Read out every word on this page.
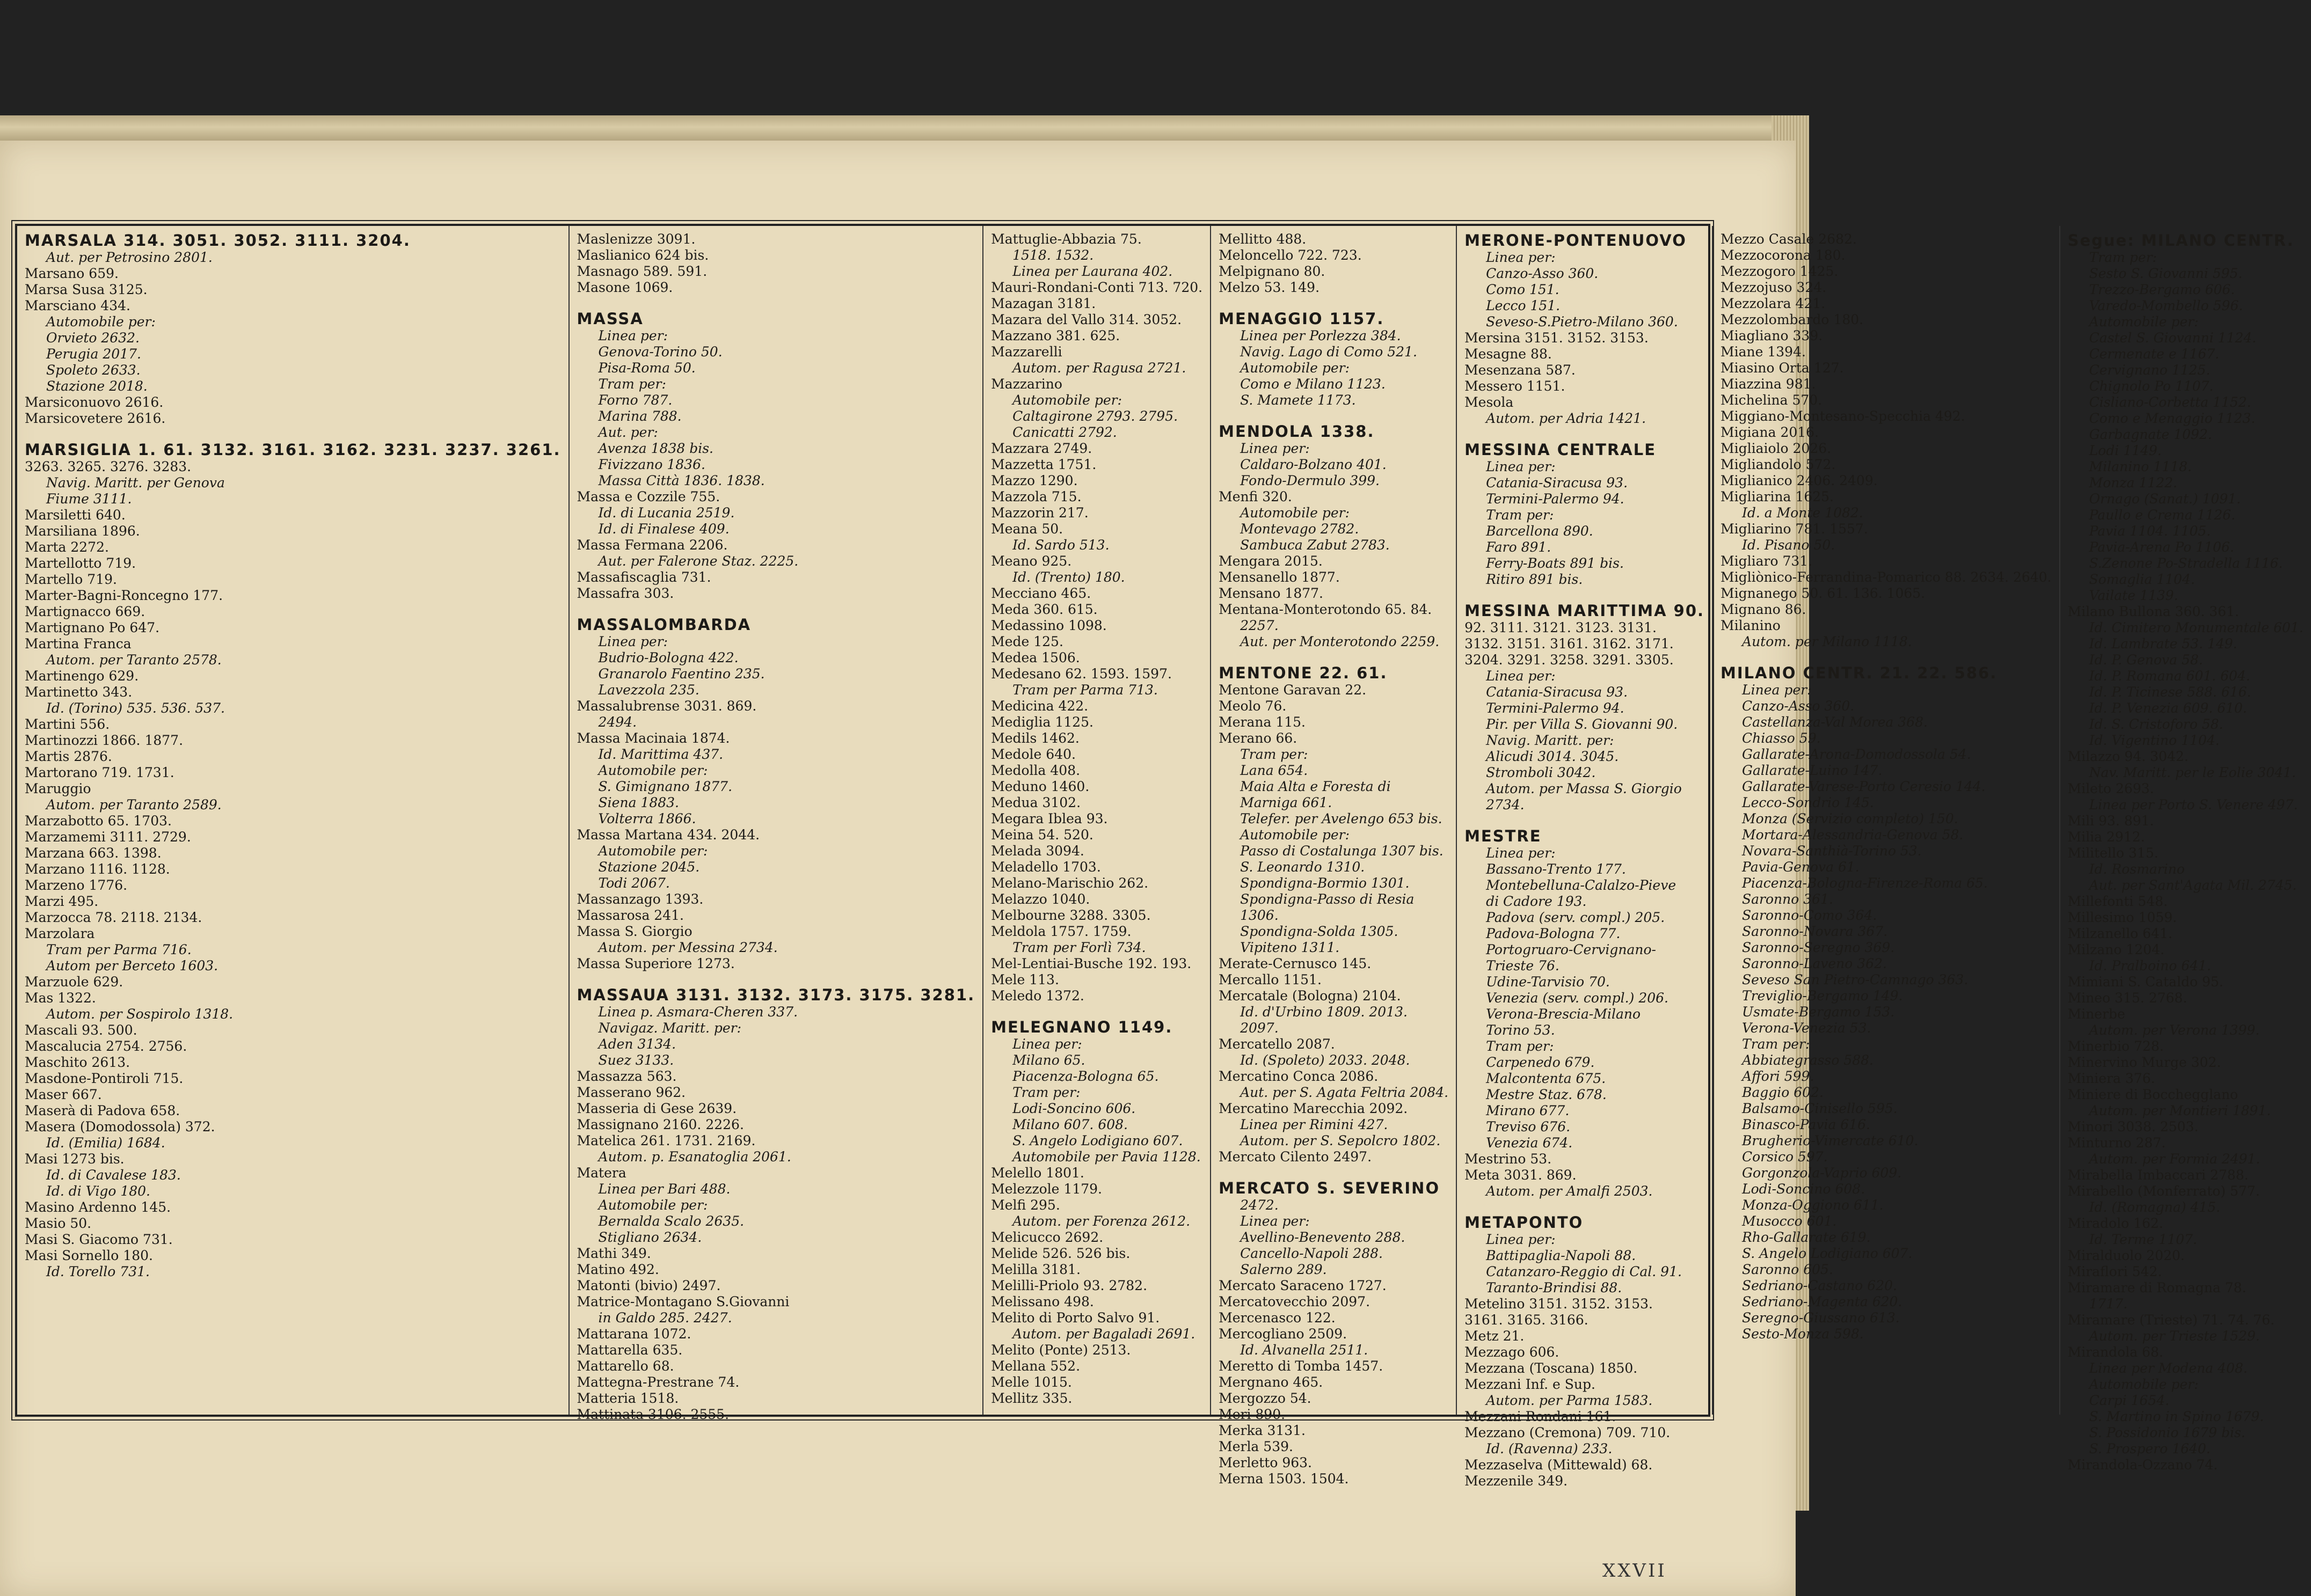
MARSALA 314. 3051. 3052. 3111. 3204.
Aut. per Petrosino 2801.
Marsano 659.
Marsa Susa 3125.
Marsciano 434.
Automobile per:
Orvieto 2632.
Perugia 2017.
Spoleto 2633.
Stazione 2018.
Marsiconuovo 2616.
Marsicovetere 2616.
MARSIGLIA 1. 61. 3132. 3161. 3162. 3231. 3237. 3261.
3263. 3265. 3276. 3283.
Navig. Maritt. per Genova
Fiume 3111.
Marsiletti 640.
Marsiliana 1896.
Marta 2272.
Martellotto 719.
Martello 719.
Marter-Bagni-Roncegno 177.
Martignacco 669.
Martignano Po 647.
Martina Franca
Autom. per Taranto 2578.
Martinengo 629.
Martinetto 343.
Id. (Torino) 535. 536. 537.
Martini 556.
Martinozzi 1866. 1877.
Martis 2876.
Martorano 719. 1731.
Maruggio
Autom. per Taranto 2589.
Marzabotto 65. 1703.
Marzamemi 3111. 2729.
Marzana 663. 1398.
Marzano 1116. 1128.
Marzeno 1776.
Marzi 495.
Marzocca 78. 2118. 2134.
Marzolara
Tram per Parma 716.
Autom per Berceto 1603.
Marzuole 629.
Mas 1322.
Autom. per Sospirolo 1318.
Mascali 93. 500.
Mascalucia 2754. 2756.
Maschito 2613.
Masdone-Pontiroli 715.
Maser 667.
Maserà di Padova 658.
Masera (Domodossola) 372.
Id. (Emilia) 1684.
Masi 1273 bis.
Id. di Cavalese 183.
Id. di Vigo 180.
Masino Ardenno 145.
Masio 50.
Masi S. Giacomo 731.
Masi Sornello 180.
Id. Torello 731.
Maslenizze 3091.
Maslianico 624 bis.
Masnago 589. 591.
Masone 1069.
MASSA
Linea per:
Genova-Torino 50.
Pisa-Roma 50.
Tram per:
Forno 787.
Marina 788.
Aut. per:
Avenza 1838 bis.
Fivizzano 1836.
Massa Città 1836. 1838.
Massa e Cozzile 755.
Id. di Lucania 2519.
Id. di Finalese 409.
Massa Fermana 2206.
Aut. per Falerone Staz. 2225.
Massafiscaglia 731.
Massafra 303.
MASSALOMBARDA
Linea per:
Budrio-Bologna 422.
Granarolo Faentino 235.
Lavezzola 235.
Massalubrense 3031. 869.
2494.
Massa Macinaia 1874.
Id. Marittima 437.
Automobile per:
S. Gimignano 1877.
Siena 1883.
Volterra 1866.
Massa Martana 434. 2044.
Automobile per:
Stazione 2045.
Todi 2067.
Massanzago 1393.
Massarosa 241.
Massa S. Giorgio
Autom. per Messina 2734.
Massa Superiore 1273.
MASSAUA 3131. 3132. 3173. 3175. 3281.
Linea p. Asmara-Cheren 337.
Navigaz. Maritt. per:
Aden 3134.
Suez 3133.
Massazza 563.
Masserano 962.
Masseria di Gese 2639.
Massignano 2160. 2226.
Matelica 261. 1731. 2169.
Autom. p. Esanatoglia 2061.
Matera
Linea per Bari 488.
Automobile per:
Bernalda Scalo 2635.
Stigliano 2634.
Mathi 349.
Matino 492.
Matonti (bivio) 2497.
Matrice-Montagano S.Giovanni
in Galdo 285. 2427.
Mattarana 1072.
Mattarella 635.
Mattarello 68.
Mattegna-Prestrane 74.
Matteria 1518.
Mattinata 3106. 2555.
Mattuglie-Abbazia 75.
1518. 1532.
Linea per Laurana 402.
Mauri-Rondani-Conti 713. 720.
Mazagan 3181.
Mazara del Vallo 314. 3052.
Mazzano 381. 625.
Mazzarelli
Autom. per Ragusa 2721.
Mazzarino
Automobile per:
Caltagirone 2793. 2795.
Canicatti 2792.
Mazzara 2749.
Mazzetta 1751.
Mazzo 1290.
Mazzola 715.
Mazzorin 217.
Meana 50.
Id. Sardo 513.
Meano 925.
Id. (Trento) 180.
Mecciano 465.
Meda 360. 615.
Medassino 1098.
Mede 125.
Medea 1506.
Medesano 62. 1593. 1597.
Tram per Parma 713.
Medicina 422.
Mediglia 1125.
Medils 1462.
Medole 640.
Medolla 408.
Meduno 1460.
Medua 3102.
Megara Iblea 93.
Meina 54. 520.
Melada 3094.
Meladello 1703.
Melano-Marischio 262.
Melazzo 1040.
Melbourne 3288. 3305.
Meldola 1757. 1759.
Tram per Forlì 734.
Mel-Lentiai-Busche 192. 193.
Mele 113.
Meledo 1372.
MELEGNANO 1149.
Linea per:
Milano 65.
Piacenza-Bologna 65.
Tram per:
Lodi-Soncino 606.
Milano 607. 608.
S. Angelo Lodigiano 607.
Automobile per Pavia 1128.
Melello 1801.
Melezzole 1179.
Melfi 295.
Autom. per Forenza 2612.
Melicucco 2692.
Melide 526. 526 bis.
Melilla 3181.
Melilli-Priolo 93. 2782.
Melissano 498.
Melito di Porto Salvo 91.
Autom. per Bagaladi 2691.
Melito (Ponte) 2513.
Mellana 552.
Melle 1015.
Mellitz 335.
Mellitto 488.
Meloncello 722. 723.
Melpignano 80.
Melzo 53. 149.
MENAGGIO 1157.
Linea per Porlezza 384.
Navig. Lago di Como 521.
Automobile per:
Como e Milano 1123.
S. Mamete 1173.
MENDOLA 1338.
Linea per:
Caldaro-Bolzano 401.
Fondo-Dermulo 399.
Menfi 320.
Automobile per:
Montevago 2782.
Sambuca Zabut 2783.
Mengara 2015.
Mensanello 1877.
Mensano 1877.
Mentana-Monterotondo 65. 84.
2257.
Aut. per Monterotondo 2259.
MENTONE 22. 61.
Mentone Garavan 22.
Meolo 76.
Merana 115.
Merano 66.
Tram per:
Lana 654.
Maia Alta e Foresta di
Marniga 661.
Telefer. per Avelengo 653 bis.
Automobile per:
Passo di Costalunga 1307 bis.
S. Leonardo 1310.
Spondigna-Bormio 1301.
Spondigna-Passo di Resia
1306.
Spondigna-Solda 1305.
Vipiteno 1311.
Merate-Cernusco 145.
Mercallo 1151.
Mercatale (Bologna) 2104.
Id. d'Urbino 1809. 2013.
2097.
Mercatello 2087.
Id. (Spoleto) 2033. 2048.
Mercatino Conca 2086.
Aut. per S. Agata Feltria 2084.
Mercatino Marecchia 2092.
Linea per Rimini 427.
Autom. per S. Sepolcro 1802.
Mercato Cilento 2497.
MERCATO S. SEVERINO
2472.
Linea per:
Avellino-Benevento 288.
Cancello-Napoli 288.
Salerno 289.
Mercato Saraceno 1727.
Mercatovecchio 2097.
Mercenasco 122.
Mercogliano 2509.
Id. Alvanella 2511.
Meretto di Tomba 1457.
Mergnano 465.
Mergozzo 54.
Meri 890.
Merka 3131.
Merla 539.
Merletto 963.
Merna 1503. 1504.
MERONE-PONTENUOVO
Linea per:
Canzo-Asso 360.
Como 151.
Lecco 151.
Seveso-S.Pietro-Milano 360.
Mersina 3151. 3152. 3153.
Mesagne 88.
Mesenzana 587.
Messero 1151.
Mesola
Autom. per Adria 1421.
MESSINA CENTRALE
Linea per:
Catania-Siracusa 93.
Termini-Palermo 94.
Tram per:
Barcellona 890.
Faro 891.
Ferry-Boats 891 bis.
Ritiro 891 bis.
MESSINA MARITTIMA 90.
92. 3111. 3121. 3123. 3131.
3132. 3151. 3161. 3162. 3171.
3204. 3291. 3258. 3291. 3305.
Linea per:
Catania-Siracusa 93.
Termini-Palermo 94.
Pir. per Villa S. Giovanni 90.
Navig. Maritt. per:
Alicudi 3014. 3045.
Stromboli 3042.
Autom. per Massa S. Giorgio
2734.
MESTRE
Linea per:
Bassano-Trento 177.
Montebelluna-Calalzo-Pieve
di Cadore 193.
Padova (serv. compl.) 205.
Padova-Bologna 77.
Portogruaro-Cervignano-
Trieste 76.
Udine-Tarvisio 70.
Venezia (serv. compl.) 206.
Verona-Brescia-Milano
Torino 53.
Tram per:
Carpenedo 679.
Malcontenta 675.
Mestre Staz. 678.
Mirano 677.
Treviso 676.
Venezia 674.
Mestrino 53.
Meta 3031. 869.
Autom. per Amalfi 2503.
METAPONTO
Linea per:
Battipaglia-Napoli 88.
Catanzaro-Reggio di Cal. 91.
Taranto-Brindisi 88.
Metelino 3151. 3152. 3153.
3161. 3165. 3166.
Metz 21.
Mezzago 606.
Mezzana (Toscana) 1850.
Mezzani Inf. e Sup.
Autom. per Parma 1583.
Mezzani Rondani 161.
Mezzano (Cremona) 709. 710.
Id. (Ravenna) 233.
Mezzaselva (Mittewald) 68.
Mezzenile 349.
Mezzo Casale 2682.
Mezzocorona 180.
Mezzogoro 1425.
Mezzojuso 324.
Mezzolara 421.
Mezzolombardo 180.
Miagliano 339.
Miane 1394.
Miasino Orta 127.
Miazzina 981.
Michelina 570.
Miggiano-Montesano-Specchia 492.
Migiana 2016.
Migliaiolo 2026.
Migliandolo 572.
Miglianico 2406. 2409.
Migliarina 1625.
Id. a Monte 1082.
Migliarino 781. 1557.
Id. Pisano 50.
Migliaro 731.
Migliònico-Ferrandina-Pomarico 88. 2634. 2640.
Mignanego 50. 61. 136. 1065.
Mignano 86.
Milanino
Autom. per Milano 1118.
MILANO CENTR. 21. 22. 586.
Linea per:
Canzo-Asso 360.
Castellanza-Val Morea 368.
Chiasso 59.
Gallarate-Arona-Domodossola 54.
Gallarate-Luino 147.
Gallarate-Varese-Porto Ceresio 144.
Lecco-Sondrio 145.
Monza (Servizio completo) 150.
Mortara-Alessandria-Genova 58.
Novara-Santhià-Torino 53.
Pavia-Genova 61.
Piacenza-Bologna-Firenze-Roma 65.
Saronno 361.
Saronno-Como 364.
Saronno-Novara 367.
Saronno-Seregno 369.
Saronno-Laveno 362.
Seveso San Pietro-Camnago 363.
Treviglio-Bergamo 149.
Usmate-Bergamo 153.
Verona-Venezia 53.
Tram per:
Abbiategrasso 588.
Affori 599.
Baggio 602.
Balsamo-Cinisello 595.
Binasco-Pavia 616.
Brugherio-Vimercate 610.
Corsico 597.
Gorgonzola-Vaprio 609.
Lodi-Soncino 608.
Monza-Oggiono 611.
Musocco 601.
Rho-Gallarate 619.
S. Angelo Lodigiano 607.
Saronno 605.
Sedriano-Castano 620.
Sedriano-Magenta 620.
Seregno-Giussano 613.
Sesto-Monza 598.
Segue: MILANO CENTR.
Tram per:
Sesto S. Giovanni 595.
Trezzo-Bergamo 606.
Varedo-Mombello 596.
Automobile per:
Castel S. Giovanni 1124.
Cermenate e 1167.
Cervignano 1125.
Chignolo Po 1107.
Cisliano-Corbetta 1152.
Como e Menaggio 1123.
Garbagnate 1092.
Lodi 1149.
Milanino 1118.
Monza 1122.
Ornago (Sanat.) 1091.
Paullo e Crema 1126.
Pavia 1104. 1105.
Pavia-Arena Po 1106.
S.Zenone Po-Stradella 1116.
Somaglia 1104.
Vailate 1139.
Milano Bullona 360. 361.
Id. Cimitero Monumentale 601.
Id. Lambrate 53. 149.
Id. P. Genova 58.
Id. P. Romana 601. 604.
Id. P. Ticinese 588. 616.
Id. P. Venezia 609. 610.
Id. S. Cristoforo 58.
Id. Vigentino 1104.
Milazzo 94. 3042.
Nav. Maritt. per le Eolie 3041.
Mileto 2693.
Linea per Porto S. Venere 497.
Mili 93. 891.
Milia 2912.
Militello 315.
Id. Rosmarino
Aut. per Sant'Agata Mil. 2745.
Millefonti 548.
Millesimo 1059.
Milzanello 641.
Milzano 1204.
Id. Pralboino 641.
Mimiani S. Cataldo 95.
Mineo 315. 2768.
Minerbe
Autom. per Verona 1399.
Minerbio 728.
Minervino Murge 302.
Miniera 376.
Miniere di Bocchegglano
Autom. per Montieri 1891.
Minori 3038. 2503.
Minturno 287.
Autom. per Formia 2491.
Mirabella Imbaccari 2788.
Mirabello (Monferrato) 577.
Id. (Romagna) 415.
Miradolo 162.
Id. Terme 1107.
Miralduolo 2020.
Miraflori 542.
Miramare di Romagna 78.
1717.
Miramare (Trieste) 71. 74. 76.
Autom. per Trieste 1529.
Mirandola 68.
Linea per Modena 408.
Automobile per:
Carpi 1654.
S. Martino in Spino 1679.
S. Possidonio 1679 bis.
S. Prospero 1640.
Mirandola-Ozzano 74.
XXVII
